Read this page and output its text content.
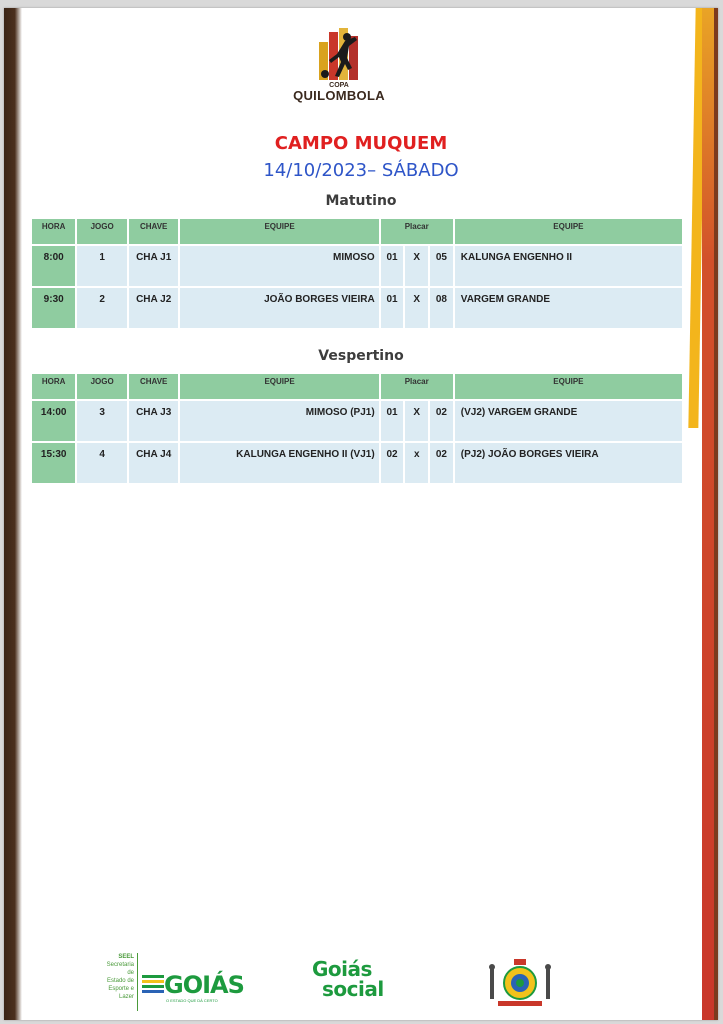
COPA
QUILOMBOLA
CAMPO MUQUEM
14/10/2023– SÁBADO
Matutino
HORA	JOGO	CHAVE	EQUIPE	Placar			EQUIPE
8:00	1	CHA J1	MIMOSO	01	X	05	KALUNGA ENGENHO II
9:30	2	CHA J2	JOÃO BORGES VIEIRA	01	X	08	VARGEM GRANDE
Vespertino
HORA	JOGO	CHAVE	EQUIPE	Placar			EQUIPE
14:00	3	CHA J3	MIMOSO (PJ1)	01	X	02	(VJ2) VARGEM GRANDE
15:30	4	CHA J4	KALUNGA ENGENHO II (VJ1)	02	x	02	(PJ2) JOÃO BORGES VIEIRA
SEEL
Secretaria
de
Estado de
Esporte e
Lazer GOIÁS
O ESTADO QUE DÁ CERTO
Goiás
social
